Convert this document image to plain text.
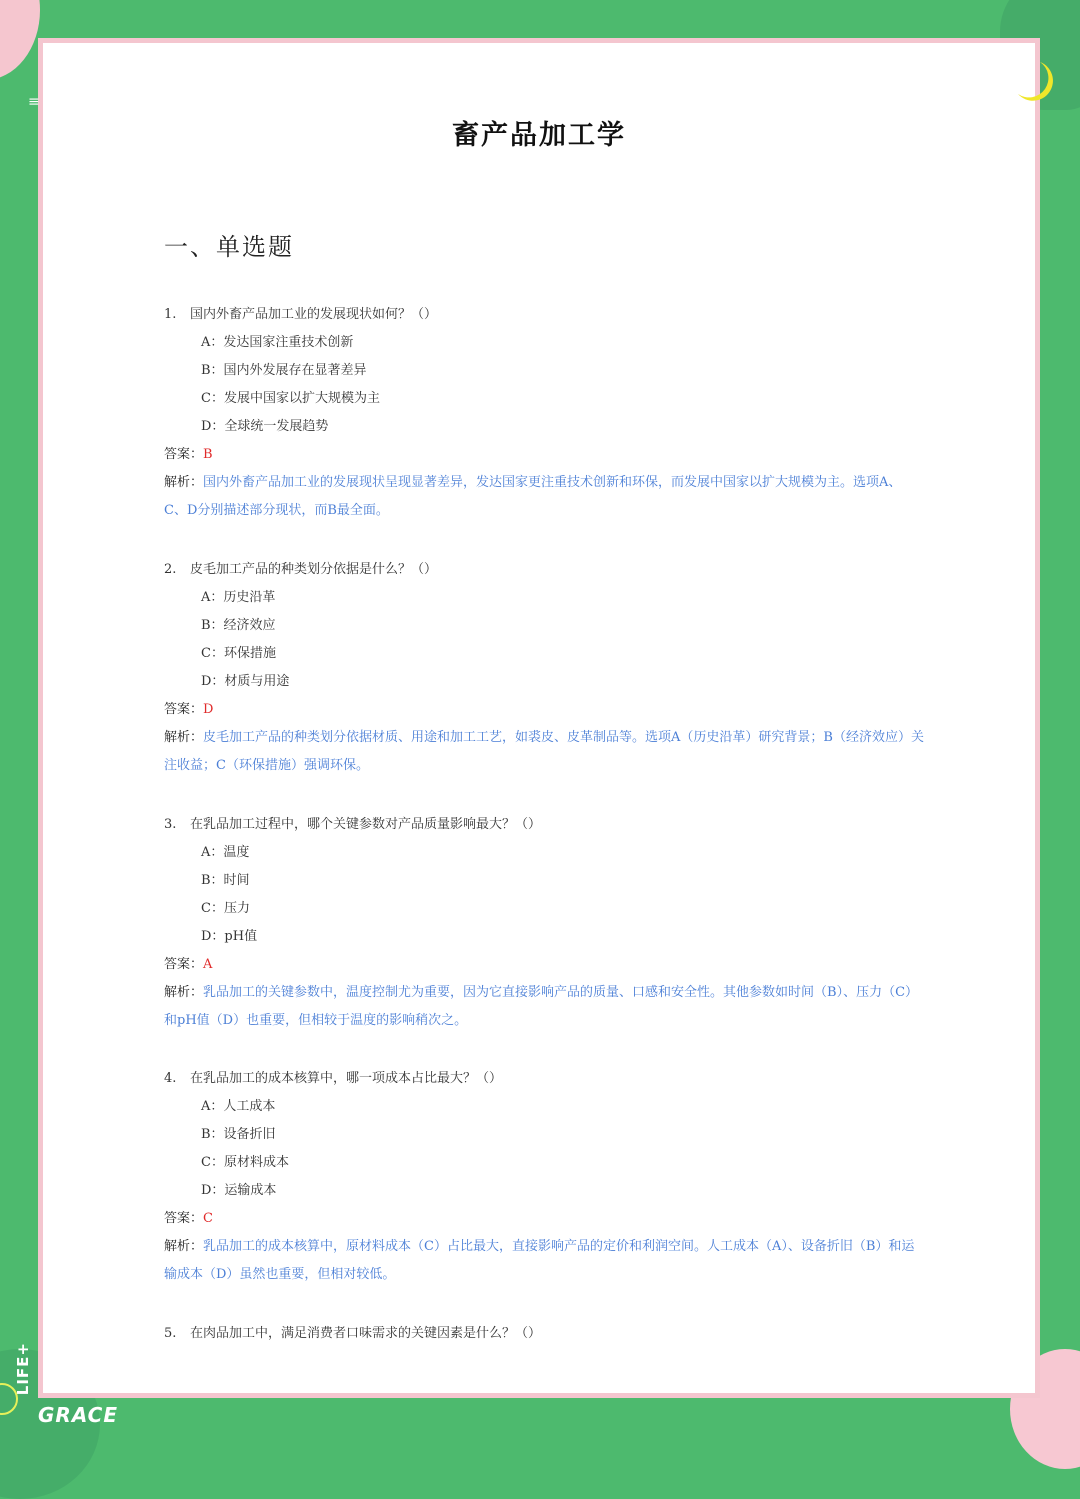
畜产品加工学
一、单选题
1. 国内外畜产品加工业的发展现状如何？（）
A：发达国家注重技术创新
B：国内外发展存在显著差异
C：发展中国家以扩大规模为主
D：全球统一发展趋势
答案：B
解析：国内外畜产品加工业的发展现状呈现显著差异，发达国家更注重技术创新和环保，而发展中国家以扩大规模为主。选项A、C、D分别描述部分现状，而B最全面。
2. 皮毛加工产品的种类划分依据是什么？（）
A：历史沿革
B：经济效应
C：环保措施
D：材质与用途
答案：D
解析：皮毛加工产品的种类划分依据材质、用途和加工工艺，如裘皮、皮革制品等。选项A（历史沿革）研究背景；B（经济效应）关注收益；C（环保措施）强调环保。
3. 在乳品加工过程中，哪个关键参数对产品质量影响最大？（）
A：温度
B：时间
C：压力
D：pH值
答案：A
解析：乳品加工的关键参数中，温度控制尤为重要，因为它直接影响产品的质量、口感和安全性。其他参数如时间（B）、压力（C）和pH值（D）也重要，但相较于温度的影响稍次之。
4. 在乳品加工的成本核算中，哪一项成本占比最大？（）
A：人工成本
B：设备折旧
C：原材料成本
D：运输成本
答案：C
解析：乳品加工的成本核算中，原材料成本（C）占比最大，直接影响产品的定价和利润空间。人工成本（A）、设备折旧（B）和运输成本（D）虽然也重要，但相对较低。
5. 在肉品加工中，满足消费者口味需求的关键因素是什么？（）
≡
LIFE+
GRACE
